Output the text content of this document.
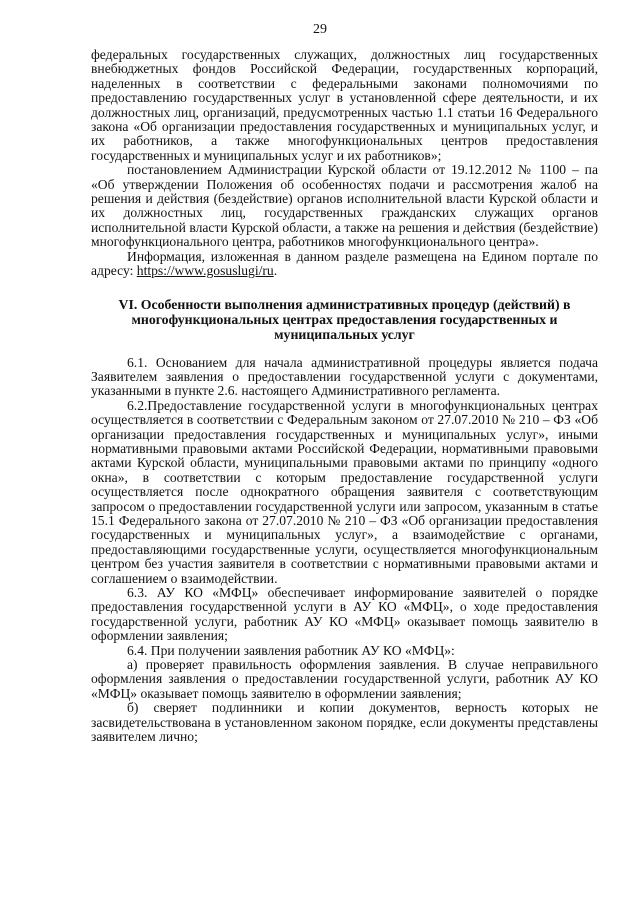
29

федеральных государственных служащих, должностных лиц государственных внебюджетных фондов Российской Федерации, государственных корпораций, наделенных в соответствии с федеральными законами полномочиями по предоставлению государственных услуг в установленной сфере деятельности, и их должностных лиц, организаций, предусмотренных частью 1.1 статьи 16 Федерального закона «Об организации предоставления государственных и муниципальных услуг, и их работников, а также многофункциональных центров предоставления государственных и муниципальных услуг и их работников»;

постановлением Администрации Курской области от 19.12.2012 № 1100 – па «Об утверждении Положения об особенностях подачи и рассмотрения жалоб на решения и действия (бездействие) органов исполнительной власти Курской области и их должностных лиц, государственных гражданских служащих органов исполнительной власти Курской области, а также на решения и действия (бездействие) многофункционального центра, работников многофункционального центра».

Информация, изложенная в данном разделе размещена на Едином портале по адресу: https://www.gosuslugi/ru.

VI. Особенности выполнения административных процедур (действий) в многофункциональных центрах предоставления государственных и муниципальных услуг

6.1. Основанием для начала административной процедуры является подача Заявителем заявления о предоставлении государственной услуги с документами, указанными в пункте 2.6. настоящего Административного регламента.

6.2.Предоставление государственной услуги в многофункциональных центрах осуществляется в соответствии с Федеральным законом от 27.07.2010 № 210 – ФЗ «Об организации предоставления государственных и муниципальных услуг», иными нормативными правовыми актами Российской Федерации, нормативными правовыми актами Курской области, муниципальными правовыми актами по принципу «одного окна», в соответствии с которым предоставление государственной услуги осуществляется после однократного обращения заявителя с соответствующим запросом о предоставлении государственной услуги или запросом, указанным в статье 15.1 Федерального закона от 27.07.2010 № 210 – ФЗ «Об организации предоставления государственных и муниципальных услуг», а взаимодействие с органами, предоставляющими государственные услуги, осуществляется многофункциональным центром без участия заявителя в соответствии с нормативными правовыми актами и соглашением о взаимодействии.

6.3. АУ КО «МФЦ» обеспечивает информирование заявителей о порядке предоставления государственной услуги в АУ КО «МФЦ», о ходе предоставления государственной услуги, работник АУ КО «МФЦ» оказывает помощь заявителю в оформлении заявления;

6.4. При получении заявления работник АУ КО «МФЦ»:

а) проверяет правильность оформления заявления. В случае неправильного оформления заявления о предоставлении государственной услуги, работник АУ КО «МФЦ» оказывает помощь заявителю в оформлении заявления;

б) сверяет подлинники и копии документов, верность которых не засвидетельствована в установленном законом порядке, если документы представлены заявителем лично;
